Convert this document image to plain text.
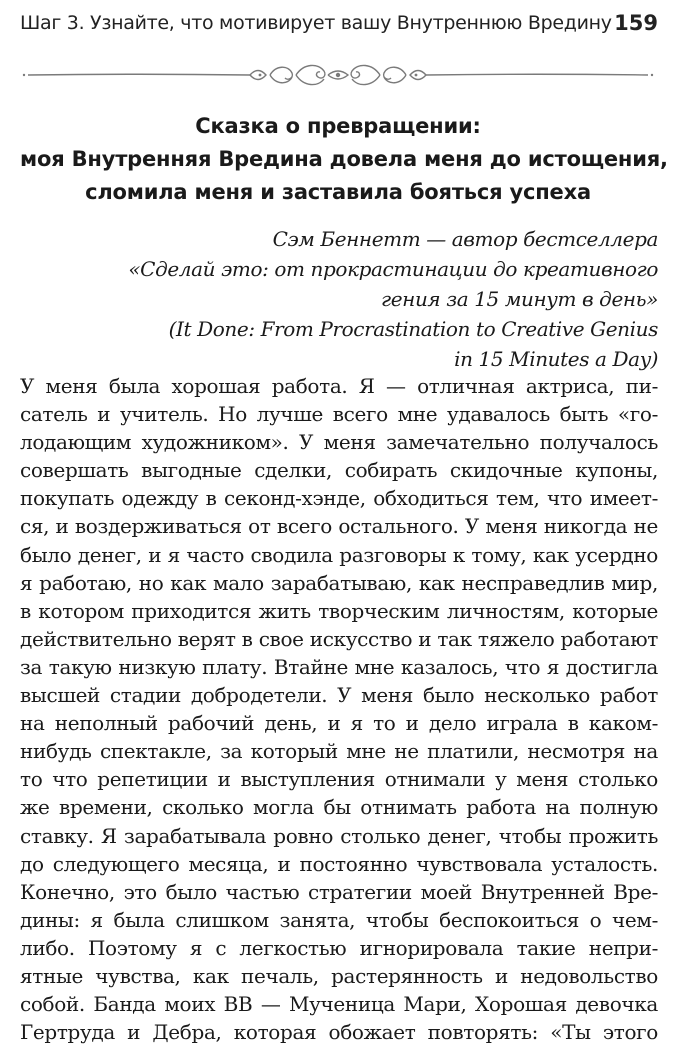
Шаг 3. Узнайте, что мотивирует вашу Внутреннюю Вредину 159
Сказка о превращении:
моя Внутренняя Вредина довела меня до истощения,
сломила меня и заставила бояться успеха
Сэм Беннетт — автор бестселлера
«Сделай это: от прокрастинации до креативного
гения за 15 минут в день»
(It Done: From Procrastination to Creative Genius
in 15 Minutes a Day)
У меня была хорошая работа. Я — отличная актриса, пи-
сатель и учитель. Но лучше всего мне удавалось быть «го-
лодающим художником». У меня замечательно получалось
совершать выгодные сделки, собирать скидочные купоны,
покупать одежду в секонд-хэнде, обходиться тем, что имеет-
ся, и воздерживаться от всего остального. У меня никогда не
было денег, и я часто сводила разговоры к тому, как усердно
я работаю, но как мало зарабатываю, как несправедлив мир,
в котором приходится жить творческим личностям, которые
действительно верят в свое искусство и так тяжело работают
за такую низкую плату. Втайне мне казалось, что я достигла
высшей стадии добродетели. У меня было несколько работ
на неполный рабочий день, и я то и дело играла в каком-
нибудь спектакле, за который мне не платили, несмотря на
то что репетиции и выступления отнимали у меня столько
же времени, сколько могла бы отнимать работа на полную
ставку. Я зарабатывала ровно столько денег, чтобы прожить
до следующего месяца, и постоянно чувствовала усталость.
Конечно, это было частью стратегии моей Внутренней Вре-
дины: я была слишком занята, чтобы беспокоиться о чем-
либо. Поэтому я с легкостью игнорировала такие непри-
ятные чувства, как печаль, растерянность и недовольство
собой. Банда моих ВВ — Мученица Мари, Хорошая девочка
Гертруда и Дебра, которая обожает повторять: «Ты этого
